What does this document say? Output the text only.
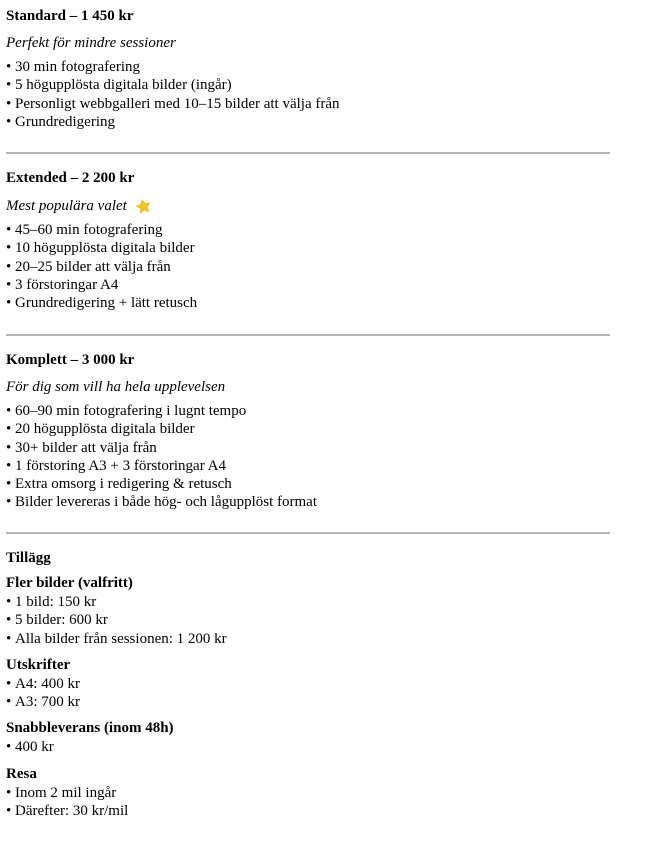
Standard – 1 450 kr

Perfekt för mindre sessioner

• 30 min fotografering
• 5 högupplösta digitala bilder (ingår)
• Personligt webbgalleri med 10–15 bilder att välja från
• Grundredigering

Extended – 2 200 kr

Mest populära valet

• 45–60 min fotografering
• 10 högupplösta digitala bilder
• 20–25 bilder att välja från
• 3 förstoringar A4
• Grundredigering + lätt retusch

Komplett – 3 000 kr

För dig som vill ha hela upplevelsen

• 60–90 min fotografering i lugnt tempo
• 20 högupplösta digitala bilder
• 30+ bilder att välja från
• 1 förstoring A3 + 3 förstoringar A4
• Extra omsorg i redigering & retusch
• Bilder levereras i både hög- och lågupplöst format

Tillägg

Fler bilder (valfritt)

• 1 bild: 150 kr
• 5 bilder: 600 kr
• Alla bilder från sessionen: 1 200 kr

Utskrifter

• A4: 400 kr
• A3: 700 kr

Snabbleverans (inom 48h)

• 400 kr

Resa

• Inom 2 mil ingår
• Därefter: 30 kr/mil
